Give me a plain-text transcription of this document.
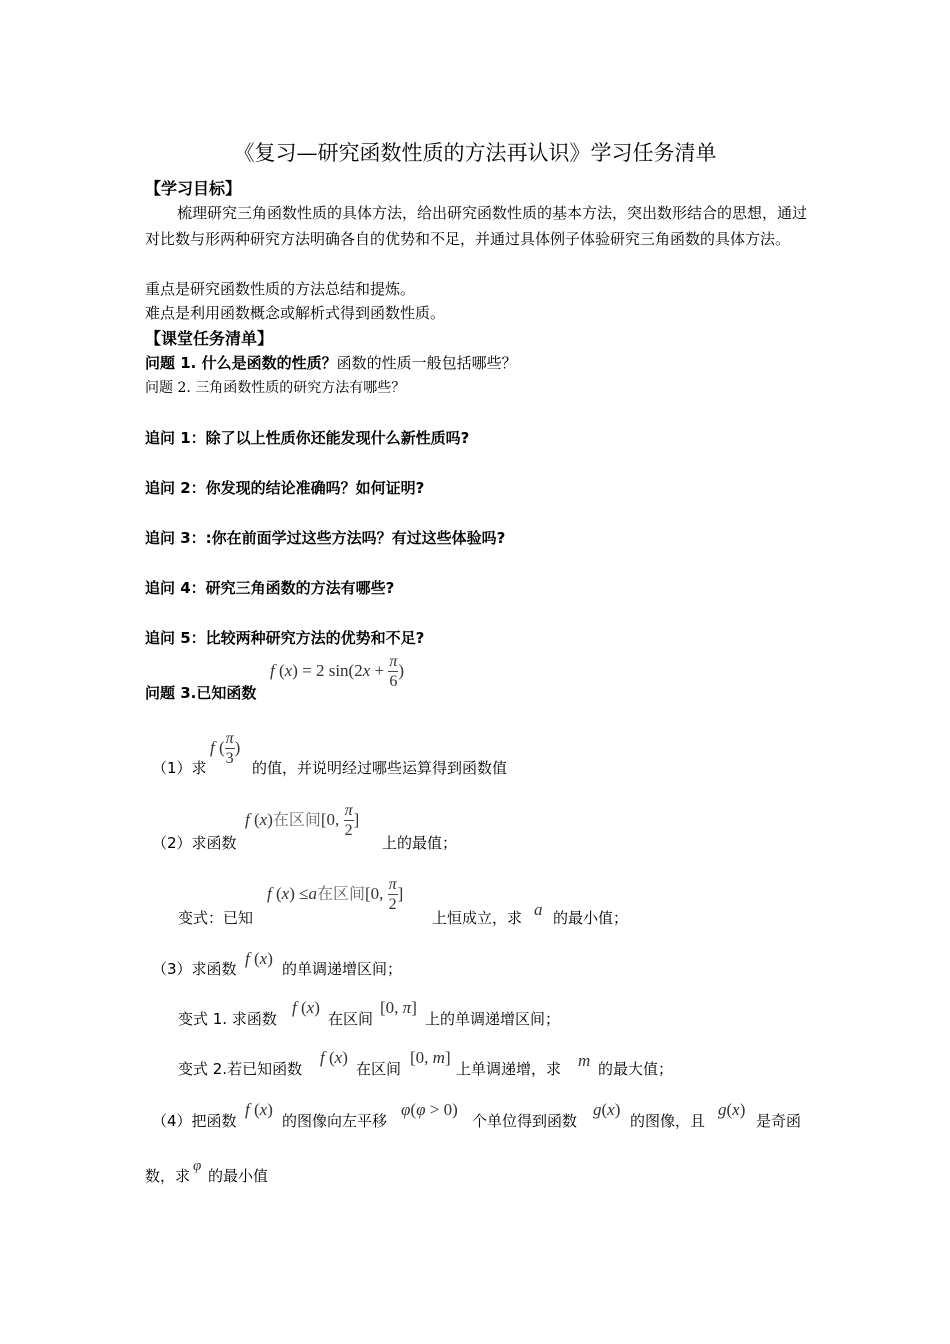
《复习—研究函数性质的方法再认识》学习任务清单
【学习目标】
梳理研究三角函数性质的具体方法，给出研究函数性质的基本方法，突出数形结合的思想，通过对比数与形两种研究方法明确各自的优势和不足，并通过具体例子体验研究三角函数的具体方法。
重点是研究函数性质的方法总结和提炼。
难点是利用函数概念或解析式得到函数性质。
【课堂任务清单】
问题 1. 什么是函数的性质？函数的性质一般包括哪些？
问题 2. 三角函数性质的研究方法有哪些？
追问 1：除了以上性质你还能发现什么新性质吗?
追问 2：你发现的结论准确吗？如何证明?
追问 3：:你在前面学过这些方法吗？有过这些体验吗?
追问 4：研究三角函数的方法有哪些?
追问 5：比较两种研究方法的优势和不足?
问题 3.已知函数
f (x) = 2 $\sin(2x + \frac{\pi}{6}$ )
（1）求
f ( $\frac{\pi}{3}$ )
的值，并说明经过哪些运算得到函数值
（2）求函数
f (x)在区间[0, $\frac{\pi}{2}$ ]
上的最值；
变式：已知
f (x) ≤a在区间[0, $\frac{\pi}{2}$ ]
上恒成立，求 a 的最小值；
（3）求函数
f (x)
的单调递增区间；
变式 1. 求函数
f (x)
在区间
[0, π]
上的单调递增区间；
变式 2.若已知函数
f (x)
在区间
[0, m]
上单调递增，求 m 的最大值；
（4）把函数
f (x)
的图像向左平移
φ(φ > 0)
个单位得到函数
g(x)
的图像，且
g(x)
是奇函
数，求
φ
的最小值
